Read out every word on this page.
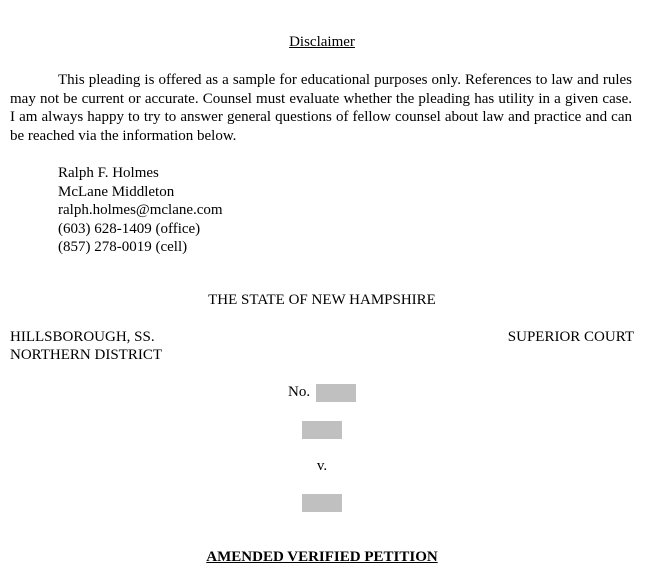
Disclaimer
This pleading is offered as a sample for educational purposes only. References to law and rules may not be current or accurate. Counsel must evaluate whether the pleading has utility in a given case. I am always happy to try to answer general questions of fellow counsel about law and practice and can be reached via the information below.
Ralph F. Holmes
McLane Middleton
ralph.holmes@mclane.com
(603) 628-1409 (office)
(857) 278-0019 (cell)
THE STATE OF NEW HAMPSHIRE
HILLSBOROUGH, SS.
NORTHERN DISTRICT
SUPERIOR COURT
No.
v.
AMENDED VERIFIED PETITION
